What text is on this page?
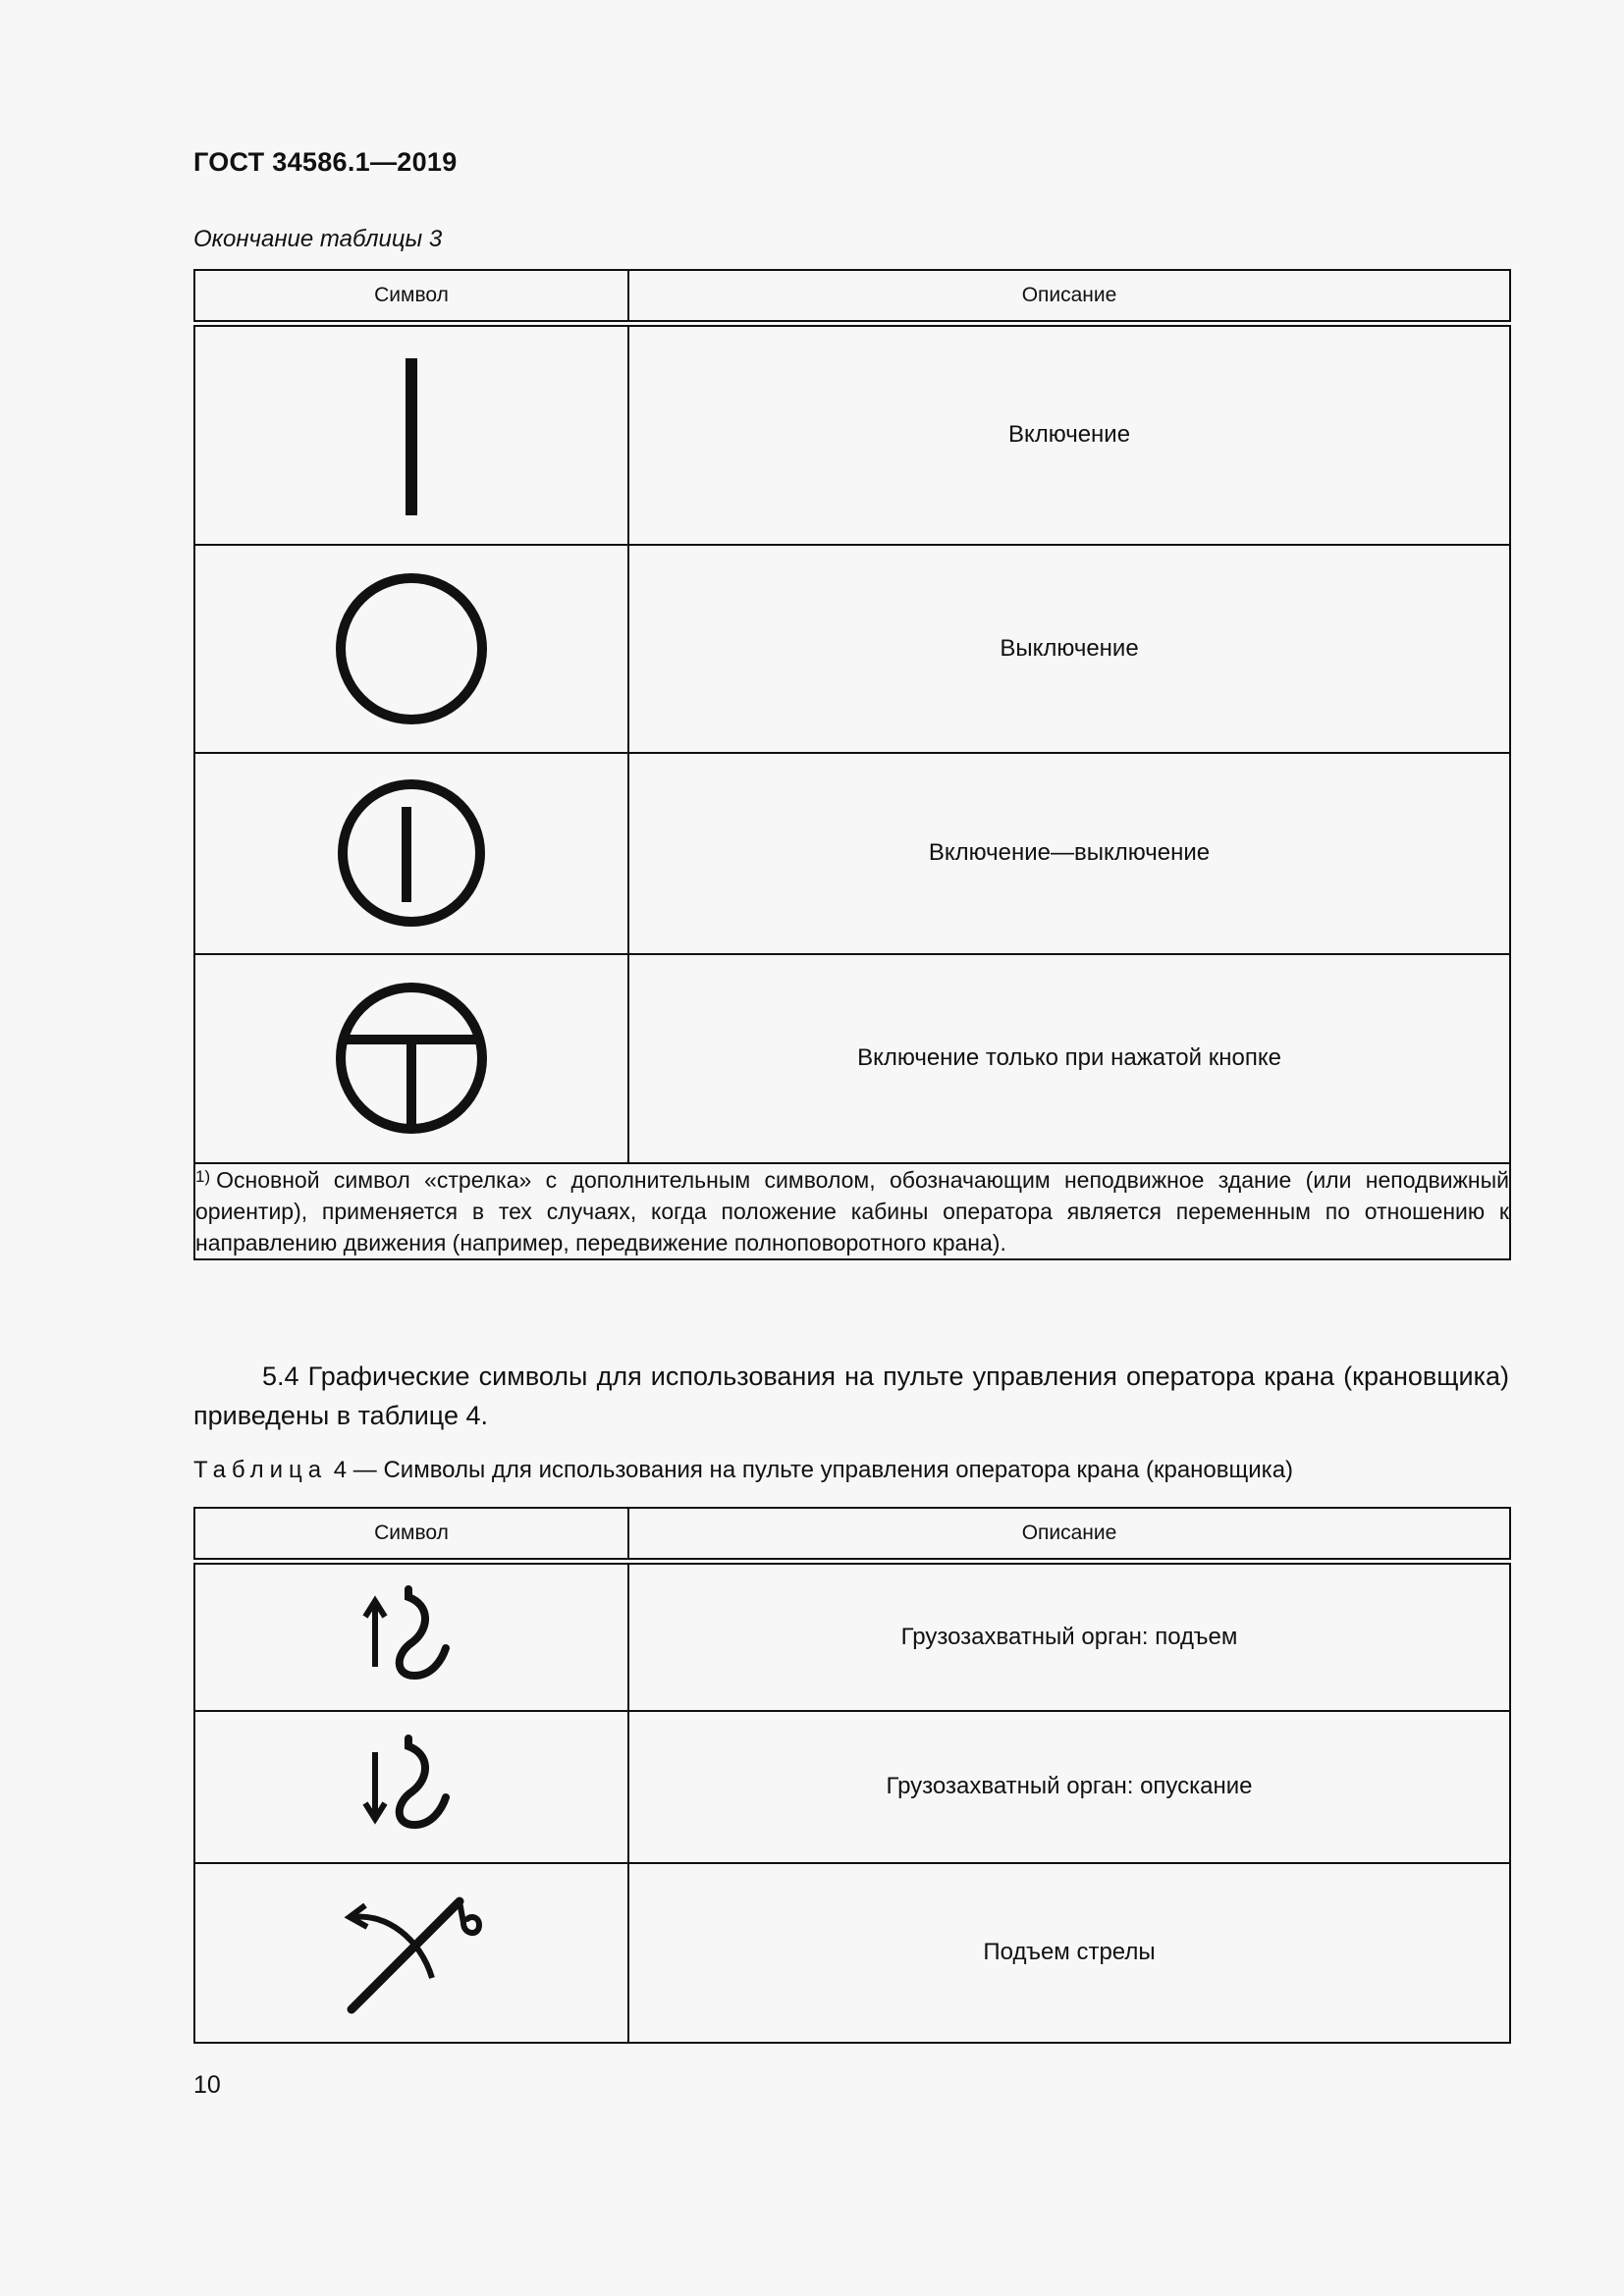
ГОСТ 34586.1—2019
Окончание таблицы 3
Символ	Описание

	Включение

	Выключение

	Включение—выключение

	Включение только при нажатой кнопке
$^{1)}$ Основной символ «стрелка» с дополнительным символом, обозначающим неподвижное здание (или неподвижный ориентир), применяется в тех случаях, когда положение кабины оператора является переменным по отношению к направлению движения (например, передвижение полноповоротного крана).	
5.4 Графические символы для использования на пульте управления оператора крана (крановщика) приведены в таблице 4.
Таблица 4 — Символы для использования на пульте управления оператора крана (крановщика)
Символ	Описание

	Грузозахватный орган: подъем

	Грузозахватный орган: опускание

	Подъем стрелы
10
